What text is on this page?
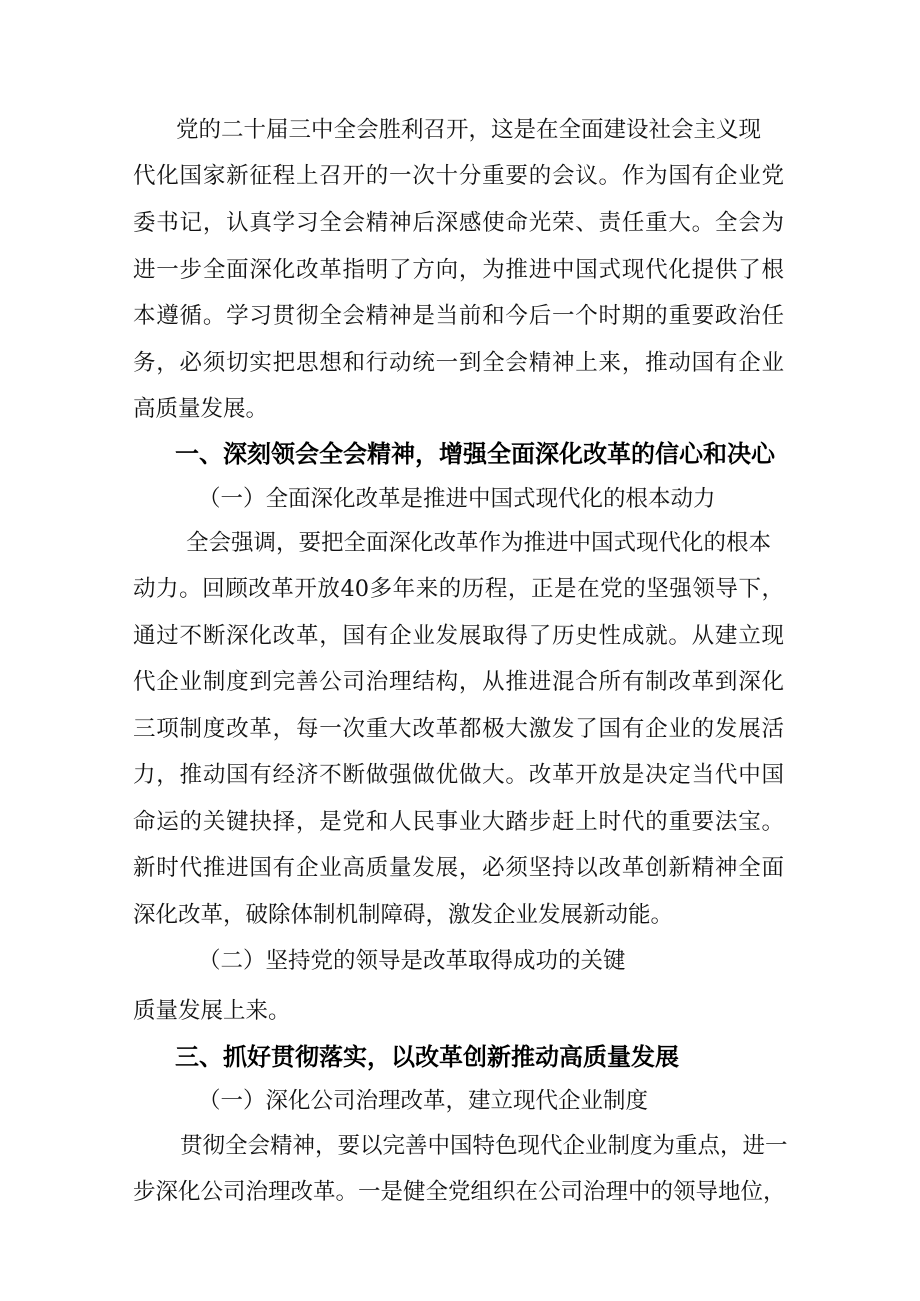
党的二十届三中全会胜利召开，这是在全面建设社会主义现
代化国家新征程上召开的一次十分重要的会议。作为国有企业党
委书记，认真学习全会精神后深感使命光荣、责任重大。全会为
进一步全面深化改革指明了方向，为推进中国式现代化提供了根
本遵循。学习贯彻全会精神是当前和今后一个时期的重要政治任
务，必须切实把思想和行动统一到全会精神上来，推动国有企业
高质量发展。
一、深刻领会全会精神，增强全面深化改革的信心和决心
（一）全面深化改革是推进中国式现代化的根本动力
全会强调，要把全面深化改革作为推进中国式现代化的根本
动力。回顾改革开放40多年来的历程，正是在党的坚强领导下，
通过不断深化改革，国有企业发展取得了历史性成就。从建立现
代企业制度到完善公司治理结构，从推进混合所有制改革到深化
三项制度改革，每一次重大改革都极大激发了国有企业的发展活
力，推动国有经济不断做强做优做大。改革开放是决定当代中国
命运的关键抉择，是党和人民事业大踏步赶上时代的重要法宝。
新时代推进国有企业高质量发展，必须坚持以改革创新精神全面
深化改革，破除体制机制障碍，激发企业发展新动能。
（二）坚持党的领导是改革取得成功的关键
质量发展上来。
三、抓好贯彻落实，以改革创新推动高质量发展
（一）深化公司治理改革，建立现代企业制度
贯彻全会精神，要以完善中国特色现代企业制度为重点，进一
步深化公司治理改革。一是健全党组织在公司治理中的领导地位，
